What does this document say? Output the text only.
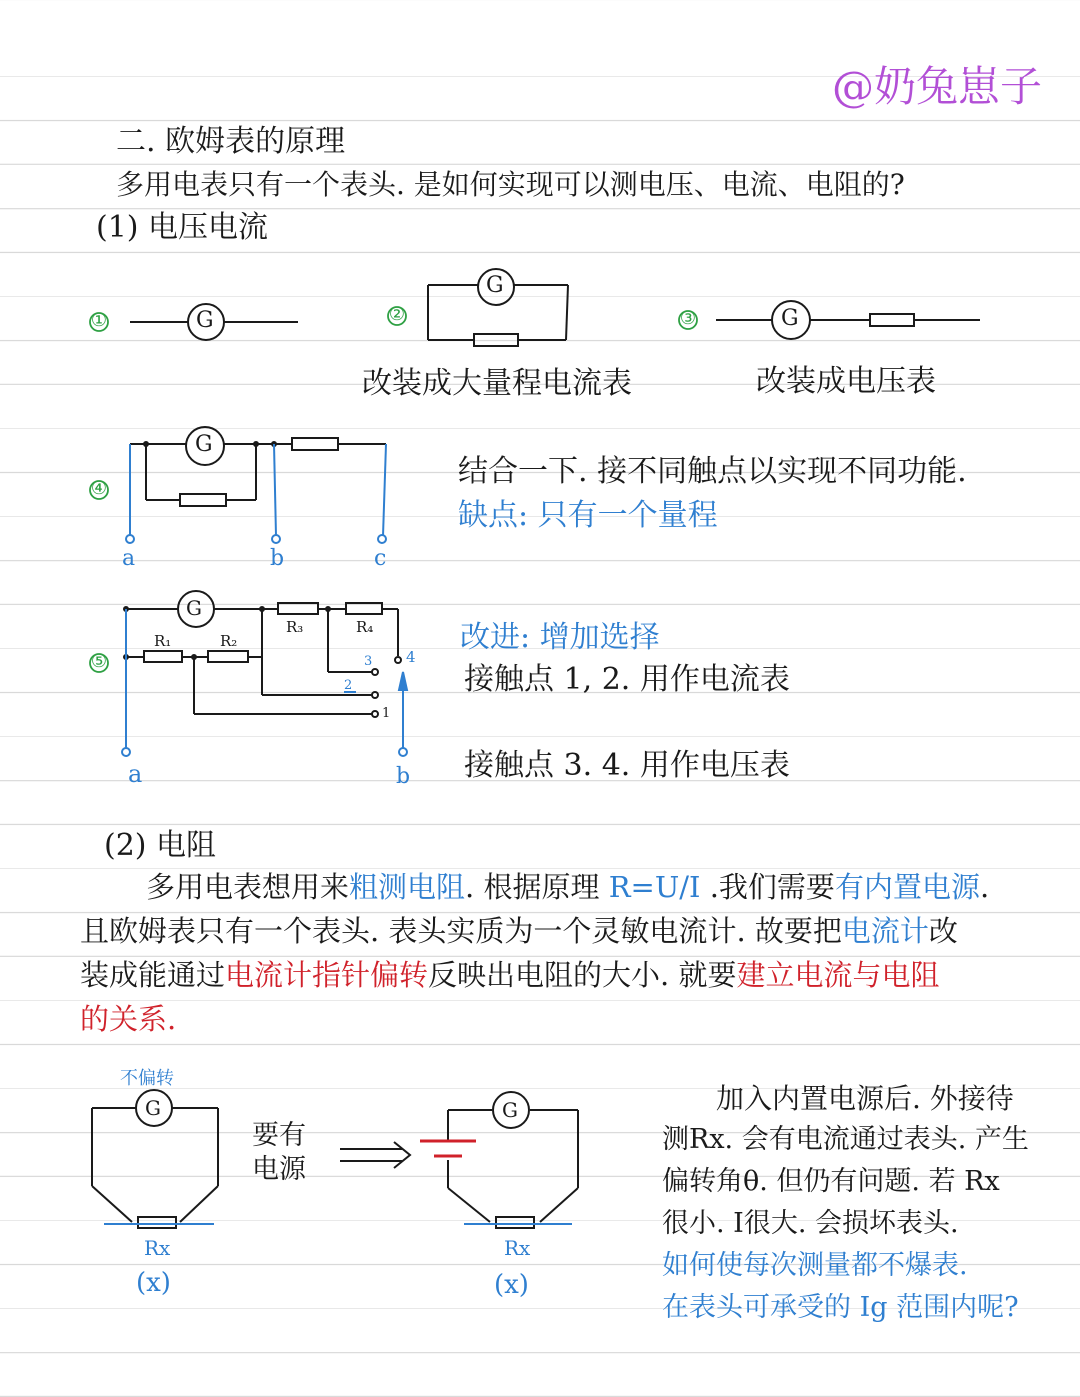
@奶兔崽子
二. 欧姆表的原理
多用电表只有一个表头. 是如何实现可以测电压、电流、电阻的?
(1) 电压电流
①	G	②
G
③	G
改装成大量程电流表	改装成电压表
④
G
a	b	c
结合一下. 接不同触点以实现不同功能.
缺点: 只有一个量程
⑤
G
R₁	R₂
R₃	R₄
1
2
3 4
a	b
改进: 增加选择
接触点 1, 2. 用作电流表
接触点 3. 4. 用作电压表
(2) 电阻
多用电表想用来粗测电阻. 根据原理 R=U/I .我们需要有内置电源.
且欧姆表只有一个表头. 表头实质为一个灵敏电流计. 故要把电流计改
装成能通过电流计指针偏转反映出电阻的大小. 就要建立电流与电阻
的关系.
不偏转
G	G
Rx
(x)
Rx
(x)
要有
电源
加入内置电源后. 外接待
测Rx. 会有电流通过表头. 产生
偏转角θ. 但仍有问题. 若 Rx
很小. I很大. 会损坏表头.
如何使每次测量都不爆表.
在表头可承受的 Ig 范围内呢?
